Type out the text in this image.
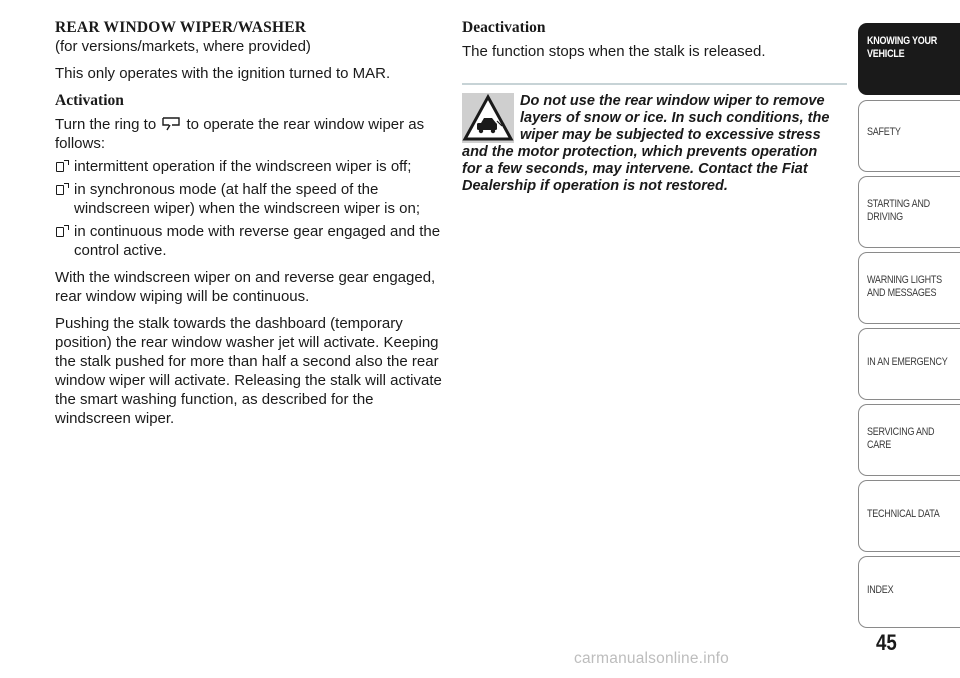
REAR WINDOW WIPER/WASHER

(for versions/markets, where provided)

This only operates with the ignition turned to MAR.

Activation

Turn the ring to to operate the rear window wiper as follows:

intermittent operation if the windscreen wiper is off;
in synchronous mode (at half the speed of the windscreen wiper) when the windscreen wiper is on;
in continuous mode with reverse gear engaged and the control active.

With the windscreen wiper on and reverse gear engaged, rear window wiping will be continuous.

Pushing the stalk towards the dashboard (temporary position) the rear window washer jet will activate. Keeping the stalk pushed for more than half a second also the rear window wiper will activate. Releasing the stalk will activate the smart washing function, as described for the windscreen wiper.

Deactivation

The function stops when the stalk is released.

Do not use the rear window wiper to remove layers of snow or ice. In such conditions, the wiper may be subjected to excessive stress and the motor protection, which prevents operation for a few seconds, may intervene. Contact the Fiat Dealership if operation is not restored.
KNOWING YOUR
VEHICLE
SAFETY
STARTING AND
DRIVING
WARNING LIGHTS
AND MESSAGES
IN AN EMERGENCY
SERVICING AND
CARE
TECHNICAL DATA
INDEX
45
carmanualsonline.info
